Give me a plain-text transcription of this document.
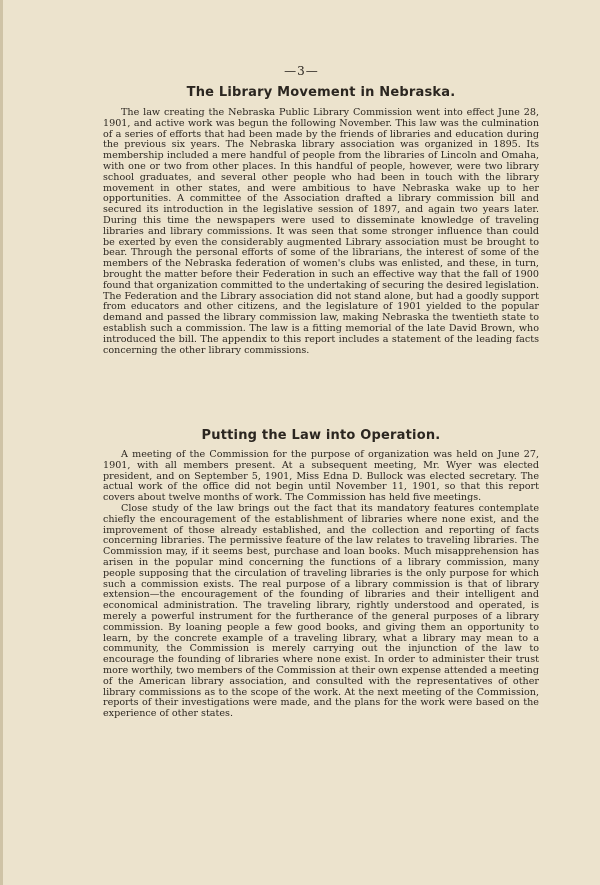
—3—
The Library Movement in Nebraska.

The law creating the Nebraska Public Library Commission went into effect June 28, 1901, and active work was begun the following November. This law was the culmination of a series of efforts that had been made by the friends of libraries and education during the previous six years. The Nebraska library association was organized in 1895. Its membership included a mere handful of people from the libraries of Lincoln and Omaha, with one or two from other places. In this handful of people, however, were two library school graduates, and several other people who had been in touch with the library movement in other states, and were ambitious to have Nebraska wake up to her opportunities. A committee of the Association drafted a library commission bill and secured its introduction in the legislative session of 1897, and again two years later. During this time the newspapers were used to disseminate knowledge of traveling libraries and library commissions. It was seen that some stronger influence than could be exerted by even the considerably augmented Library association must be brought to bear. Through the personal efforts of some of the librarians, the interest of some of the members of the Nebraska federation of women's clubs was enlisted, and these, in turn, brought the matter before their Federation in such an effective way that the fall of 1900 found that organization committed to the undertaking of securing the desired legislation. The Federation and the Library association did not stand alone, but had a goodly support from educators and other citizens, and the legislature of 1901 yielded to the popular demand and passed the library commission law, making Nebraska the twentieth state to establish such a commission. The law is a fitting memorial of the late David Brown, who introduced the bill. The appendix to this report includes a statement of the leading facts concerning the other library commissions.

Putting the Law into Operation.

A meeting of the Commission for the purpose of organization was held on June 27, 1901, with all members present. At a subsequent meeting, Mr. Wyer was elected president, and on September 5, 1901, Miss Edna D. Bullock was elected secretary. The actual work of the office did not begin until November 11, 1901, so that this report covers about twelve months of work. The Commission has held five meetings.

Close study of the law brings out the fact that its mandatory features contemplate chiefly the encouragement of the establishment of libraries where none exist, and the improvement of those already established, and the collection and reporting of facts concerning libraries. The permissive feature of the law relates to traveling libraries. The Commission may, if it seems best, purchase and loan books. Much misapprehension has arisen in the popular mind concerning the functions of a library commission, many people supposing that the circulation of traveling libraries is the only purpose for which such a commission exists. The real purpose of a library commission is that of library extension—the encouragement of the founding of libraries and their intelligent and economical administration. The traveling library, rightly understood and operated, is merely a powerful instrument for the furtherance of the general purposes of a library commission. By loaning people a few good books, and giving them an opportunity to learn, by the concrete example of a traveling library, what a library may mean to a community, the Commission is merely carrying out the injunction of the law to encourage the founding of libraries where none exist. In order to administer their trust more worthily, two members of the Commission at their own expense attended a meeting of the American library association, and consulted with the representatives of other library commissions as to the scope of the work. At the next meeting of the Commission, reports of their investigations were made, and the plans for the work were based on the experience of other states.
